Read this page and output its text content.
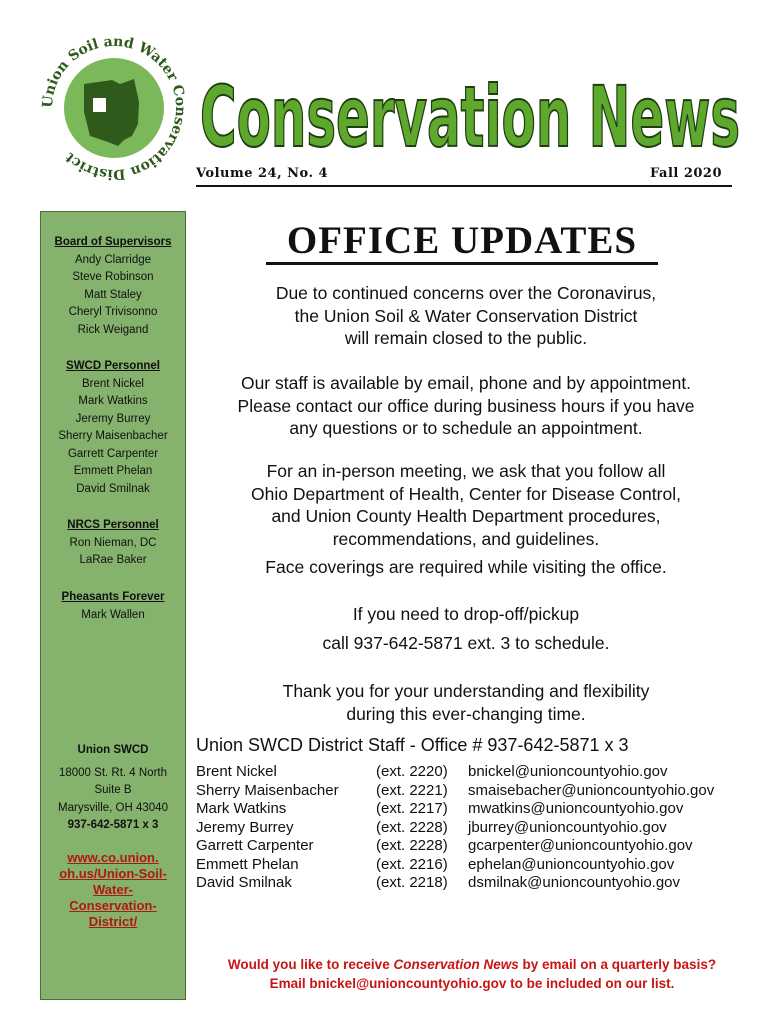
Union Soil and Water Conservation District	Conservation News
Volume 24, No. 4	Fall 2020
Board of Supervisors
Andy Clarridge
Steve Robinson
Matt Staley
Cheryl Trivisonno
Rick Weigand
SWCD Personnel
Brent Nickel
Mark Watkins
Jeremy Burrey
Sherry Maisenbacher
Garrett Carpenter
Emmett Phelan
David Smilnak
NRCS Personnel
Ron Nieman, DC
LaRae Baker
Pheasants Forever
Mark Wallen
Union SWCD
18000 St. Rt. 4 North
Suite B
Marysville, OH 43040
937-642-5871 x 3
www.co.union.
oh.us/Union-Soil-
Water-
Conservation-
District/
OFFICE UPDATES
Due to continued concerns over the Coronavirus,
the Union Soil & Water Conservation District
will remain closed to the public.
Our staff is available by email, phone and by appointment.
Please contact our office during business hours if you have
any questions or to schedule an appointment.
For an in-person meeting, we ask that you follow all
Ohio Department of Health, Center for Disease Control,
and Union County Health Department procedures,
recommendations, and guidelines.
Face coverings are required while visiting the office.
If you need to drop-off/pickup
call 937-642-5871 ext. 3 to schedule.
Thank you for your understanding and flexibility
during this ever-changing time.
Union SWCD District Staff - Office # 937-642-5871 x 3
Brent Nickel	(ext. 2220)	bnickel@unioncountyohio.gov
Sherry Maisenbacher	(ext. 2221)	smaisebacher@unioncountyohio.gov
Mark Watkins	(ext. 2217)	mwatkins@unioncountyohio.gov
Jeremy Burrey	(ext. 2228)	jburrey@unioncountyohio.gov
Garrett Carpenter	(ext. 2228)	gcarpenter@unioncountyohio.gov
Emmett Phelan	(ext. 2216)	ephelan@unioncountyohio.gov
David Smilnak	(ext. 2218)	dsmilnak@unioncountyohio.gov
Would you like to receive Conservation News by email on a quarterly basis?
Email bnickel@unioncountyohio.gov to be included on our list.
